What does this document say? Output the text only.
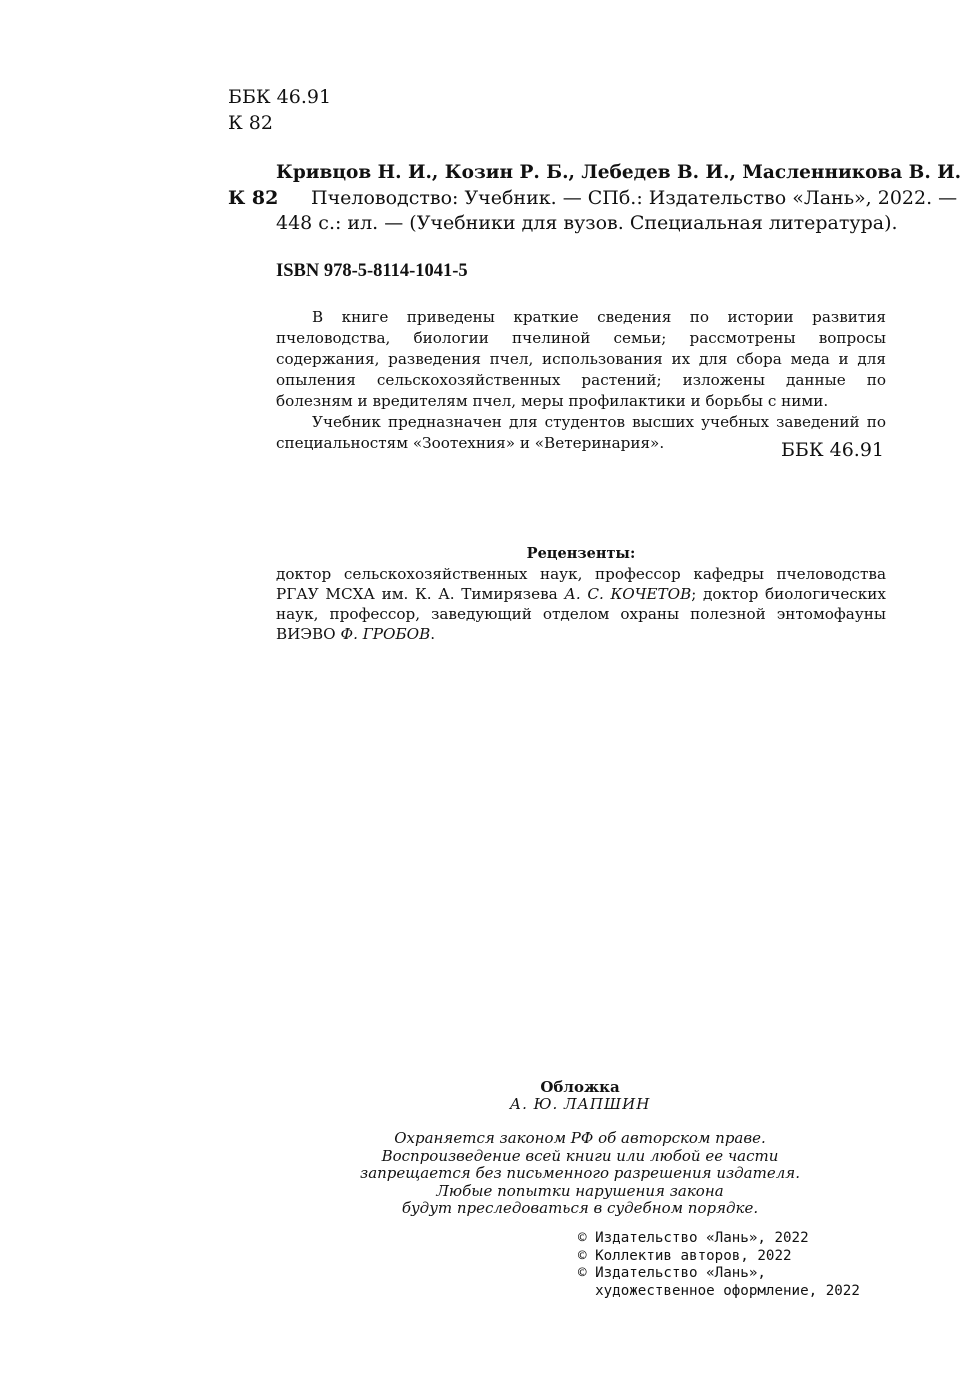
ББК 46.91
К 82
Кривцов Н. И., Козин Р. Б., Лебедев В. И., Масленникова В. И.
К 82 Пчеловодство: Учебник. — СПб.: Издательство «Лань», 2022. —
448 с.: ил. — (Учебники для вузов. Специальная литература).
ISBN 978-5-8114-1041-5

В книге приведены краткие сведения по истории развития пчеловодства, биологии пчелиной семьи; рассмотрены вопросы содержания, разведения пчел, использования их для сбора меда и для опыления сельскохозяйственных растений; изложены данные по болезням и вредителям пчел, меры профилактики и борьбы с ними.

Учебник предназначен для студентов высших учебных заведений по специальностям «Зоотехния» и «Ветеринария».	ББК 46.91
Рецензенты:
доктор сельскохозяйственных наук, профессор кафедры пчеловодства РГАУ МСХА им. К. А. Тимирязева А. С. КОЧЕТОВ; доктор биологических наук, профессор, заведующий отделом охраны полезной энтомофауны ВИЭВО Ф. ГРОБОВ.
Обложка
А. Ю. ЛАПШИН
Охраняется законом РФ об авторском праве.
Воспроизведение всей книги или любой ее части
запрещается без письменного разрешения издателя.
Любые попытки нарушения закона
будут преследоваться в судебном порядке.
© Издательство «Лань», 2022
© Коллектив авторов, 2022
© Издательство «Лань»,
художественное оформление, 2022
